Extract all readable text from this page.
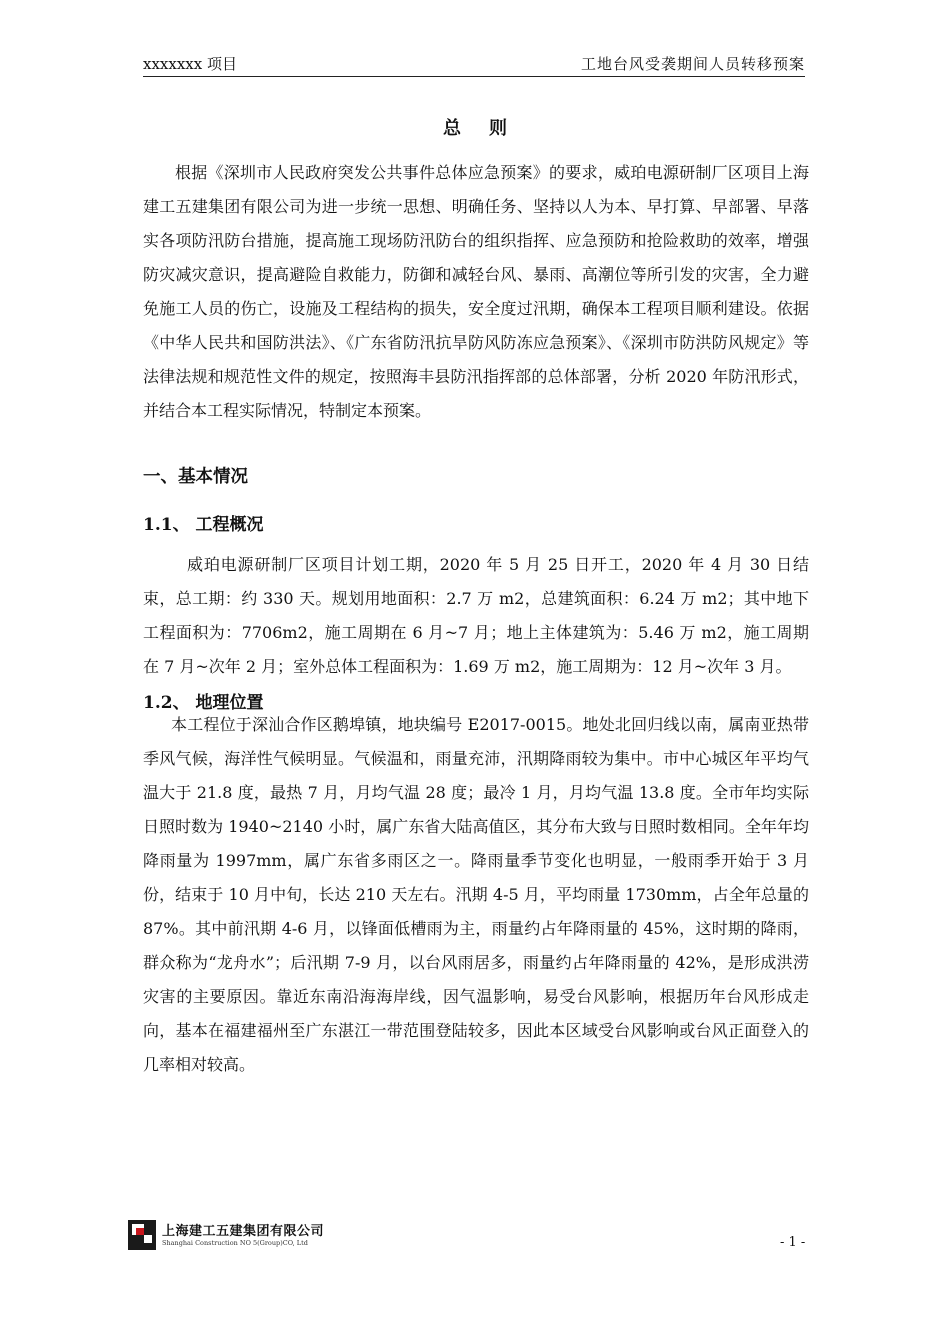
xxxxxxx 项目	工地台风受袭期间人员转移预案
总则

根据《深圳市人民政府突发公共事件总体应急预案》的要求，威珀电源研制厂区项目上海建工五建集团有限公司为进一步统一思想、明确任务、坚持以人为本、早打算、早部署、早落实各项防汛防台措施，提高施工现场防汛防台的组织指挥、应急预防和抢险救助的效率，增强防灾减灾意识，提高避险自救能力，防御和减轻台风、暴雨、高潮位等所引发的灾害，全力避免施工人员的伤亡，设施及工程结构的损失，安全度过汛期，确保本工程项目顺利建设。依据《中华人民共和国防洪法》、《广东省防汛抗旱防风防冻应急预案》、《深圳市防洪防风规定》等法律法规和规范性文件的规定，按照海丰县防汛指挥部的总体部署，分析 2020 年防汛形式，并结合本工程实际情况，特制定本预案。

一、基本情况
1.1、 工程概况

威珀电源研制厂区项目计划工期，2020 年 5 月 25 日开工，2020 年 4 月 30 日结束，总工期：约 330 天。规划用地面积：2.7 万 m2，总建筑面积：6.24 万 m2；其中地下工程面积为：7706m2，施工周期在 6 月~7 月；地上主体建筑为：5.46 万 m2，施工周期在 7 月~次年 2 月；室外总体工程面积为：1.69 万 m2，施工周期为：12 月~次年 3 月。

1.2、 地理位置

本工程位于深汕合作区鹅埠镇，地块编号 E2017-0015。地处北回归线以南，属南亚热带季风气候，海洋性气候明显。气候温和，雨量充沛，汛期降雨较为集中。市中心城区年平均气温大于 21.8 度，最热 7 月，月均气温 28 度；最冷 1 月，月均气温 13.8 度。全市年均实际日照时数为 1940~2140 小时，属广东省大陆高值区，其分布大致与日照时数相同。全年年均降雨量为 1997mm，属广东省多雨区之一。降雨量季节变化也明显，一般雨季开始于 3 月份，结束于 10 月中旬，长达 210 天左右。汛期 4-5 月，平均雨量 1730mm，占全年总量的 87%。其中前汛期 4-6 月，以锋面低槽雨为主，雨量约占年降雨量的 45%，这时期的降雨，群众称为“龙舟水”；后汛期 7-9 月，以台风雨居多，雨量约占年降雨量的 42%，是形成洪涝灾害的主要原因。靠近东南沿海海岸线，因气温影响，易受台风影响，根据历年台风形成走向，基本在福建福州至广东湛江一带范围登陆较多，因此本区域受台风影响或台风正面登入的几率相对较高。

上海建工五建集团有限公司
Shanghai Construction NO 5(Group)CO, Ltd	- 1 -
